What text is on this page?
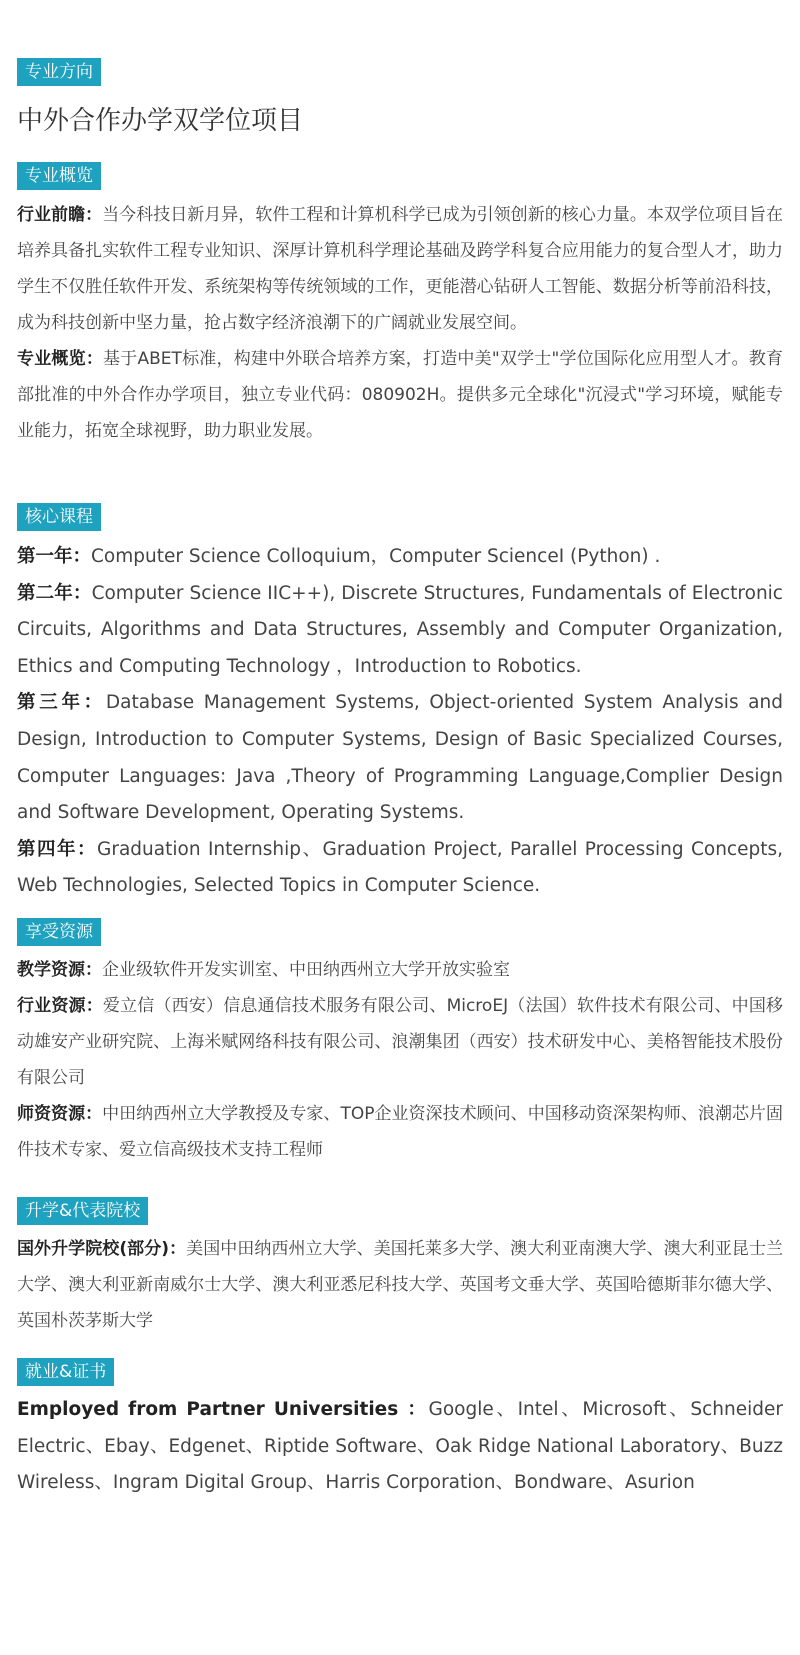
专业方向
中外合作办学双学位项目
专业概览

行业前瞻：当今科技日新月异，软件工程和计算机科学已成为引领创新的核心力量。本双学位项目旨在培养具备扎实软件工程专业知识、深厚计算机科学理论基础及跨学科复合应用能力的复合型人才，助力学生不仅胜任软件开发、系统架构等传统领域的工作，更能潜心钻研人工智能、数据分析等前沿科技，成为科技创新中坚力量，抢占数字经济浪潮下的广阔就业发展空间。

专业概览：基于ABET标准，构建中外联合培养方案，打造中美"双学士"学位国际化应用型人才。教育部批准的中外合作办学项目，独立专业代码：080902H。提供多元全球化"沉浸式"学习环境，赋能专业能力，拓宽全球视野，助力职业发展。

核心课程

第一年：Computer Science Colloquium，Computer ScienceI (Python) .

第二年：Computer Science IIC++), Discrete Structures, Fundamentals of Electronic Circuits, Algorithms and Data Structures, Assembly and Computer Organization, Ethics and Computing Technology ，Introduction to Robotics.

第三年：Database Management Systems, Object-oriented System Analysis and Design, Introduction to Computer Systems, Design of Basic Specialized Courses, Computer Languages: Java ,Theory of Programming Language,Complier Design and Software Development, Operating Systems.

第四年：Graduation Internship、Graduation Project, Parallel Processing Concepts, Web Technologies, Selected Topics in Computer Science.

享受资源

教学资源：企业级软件开发实训室、中田纳西州立大学开放实验室

行业资源：爱立信（西安）信息通信技术服务有限公司、MicroEJ（法国）软件技术有限公司、中国移动雄安产业研究院、上海米赋网络科技有限公司、浪潮集团（西安）技术研发中心、美格智能技术股份有限公司

师资资源：中田纳西州立大学教授及专家、TOP企业资深技术顾问、中国移动资深架构师、浪潮芯片固件技术专家、爱立信高级技术支持工程师

升学&代表院校

国外升学院校(部分)：美国中田纳西州立大学、美国托莱多大学、澳大利亚南澳大学、澳大利亚昆士兰大学、澳大利亚新南威尔士大学、澳大利亚悉尼科技大学、英国考文垂大学、英国哈德斯菲尔德大学、英国朴茨茅斯大学

就业&证书

Employed from Partner Universities ：Google、Intel、Microsoft、Schneider Electric、Ebay、Edgenet、Riptide Software、Oak Ridge National Laboratory、Buzz Wireless、Ingram Digital Group、Harris Corporation、Bondware、Asurion
